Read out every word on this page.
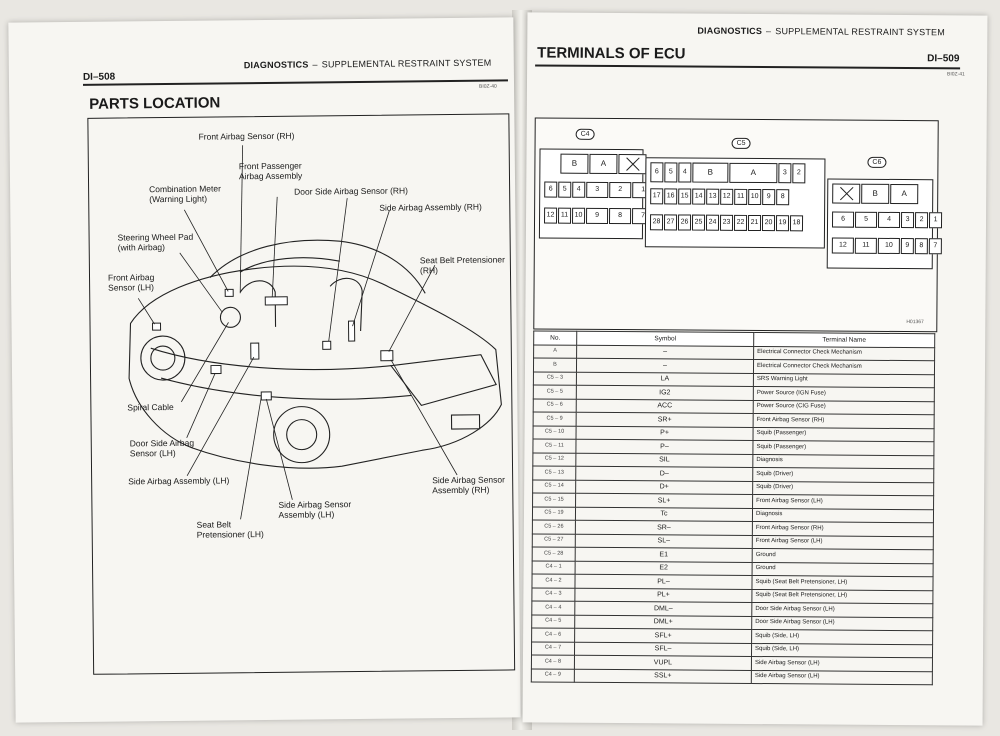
DI–508
DIAGNOSTICS – SUPPLEMENTAL RESTRAINT SYSTEM
BI0Z-40
PARTS LOCATION
Front Airbag Sensor (RH)
Front Passenger
Airbag Assembly
Combination Meter
(Warning Light)
Door Side Airbag Sensor (RH)
Side Airbag Assembly (RH)
Steering Wheel Pad
(with Airbag)
Seat Belt Pretensioner (RH)
Front Airbag
Sensor (LH)
Spiral Cable
Door Side Airbag
Sensor (LH)
Side Airbag Assembly (LH)	Side Airbag Sensor
Assembly (RH)
Side Airbag Sensor
Assembly (LH)
Seat Belt
Pretensioner (LH)
DIAGNOSTICS – SUPPLEMENTAL RESTRAINT SYSTEM
TERMINALS OF ECU	DI–509
BI0Z-41
C4
B	A
6	5	4	3	2	1
12 11 10	9	8	7
C5
6	5	4	B	A	3	2
17 16 15 14 13 12 11 10	9	8
28 27 26 25 24 23 22 21 20 19 18
C6
B	A
6	5	4	3	2	1
12	11	10	9	8	7
H01367
No.	Symbol	Terminal Name
A	–	Electrical Connector Check Mechanism
B	–	Electrical Connector Check Mechanism
C5 – 3	LA	SRS Warning Light
C5 – 5	IG2	Power Source (IGN Fuse)
C5 – 6	ACC	Power Source (CIG Fuse)
C5 – 9	SR+	Front Airbag Sensor (RH)
C5 – 10	P+	Squib (Passenger)
C5 – 11	P–	Squib (Passenger)
C5 – 12	SIL	Diagnosis
C5 – 13	D–	Squib (Driver)
C5 – 14	D+	Squib (Driver)
C5 – 15	SL+	Front Airbag Sensor (LH)
C5 – 19	Tc	Diagnosis
C5 – 26	SR–	Front Airbag Sensor (RH)
C5 – 27	SL–	Front Airbag Sensor (LH)
C5 – 28	E1	Ground
C4 – 1	E2	Ground
C4 – 2	PL–	Squib (Seat Belt Pretensioner, LH)
C4 – 3	PL+	Squib (Seat Belt Pretensioner, LH)
C4 – 4	DML–	Door Side Airbag Sensor (LH)
C4 – 5	DML+	Door Side Airbag Sensor (LH)
C4 – 6	SFL+	Squib (Side, LH)
C4 – 7	SFL–	Squib (Side, LH)
C4 – 8	VUPL	Side Airbag Sensor (LH)
C4 – 9	SSL+	Side Airbag Sensor (LH)
